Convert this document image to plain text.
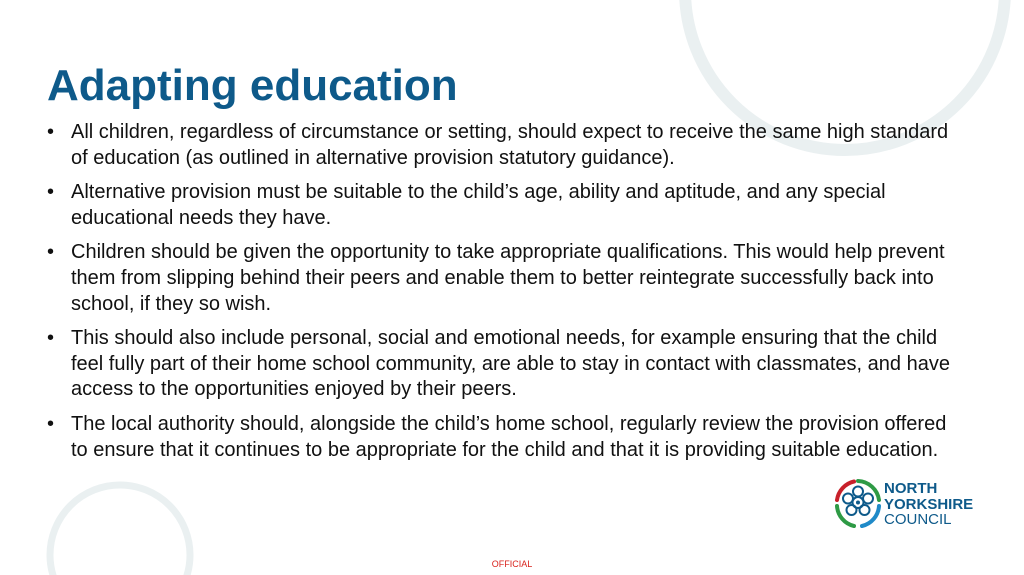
Adapting education
• All children, regardless of circumstance or setting, should expect to receive the same high standard of education (as outlined in alternative provision statutory guidance).
• Alternative provision must be suitable to the child’s age, ability and aptitude, and any special educational needs they have.
• Children should be given the opportunity to take appropriate qualifications. This would help prevent them from slipping behind their peers and enable them to better reintegrate successfully back into school, if they so wish.
• This should also include personal, social and emotional needs, for example ensuring that the child feel fully part of their home school community, are able to stay in contact with classmates, and have access to the opportunities enjoyed by their peers.
• The local authority should, alongside the child’s home school, regularly review the provision offered to ensure that it continues to be appropriate for the child and that it is providing suitable education.
NORTH
YORKSHIRE
COUNCIL
OFFICIAL
